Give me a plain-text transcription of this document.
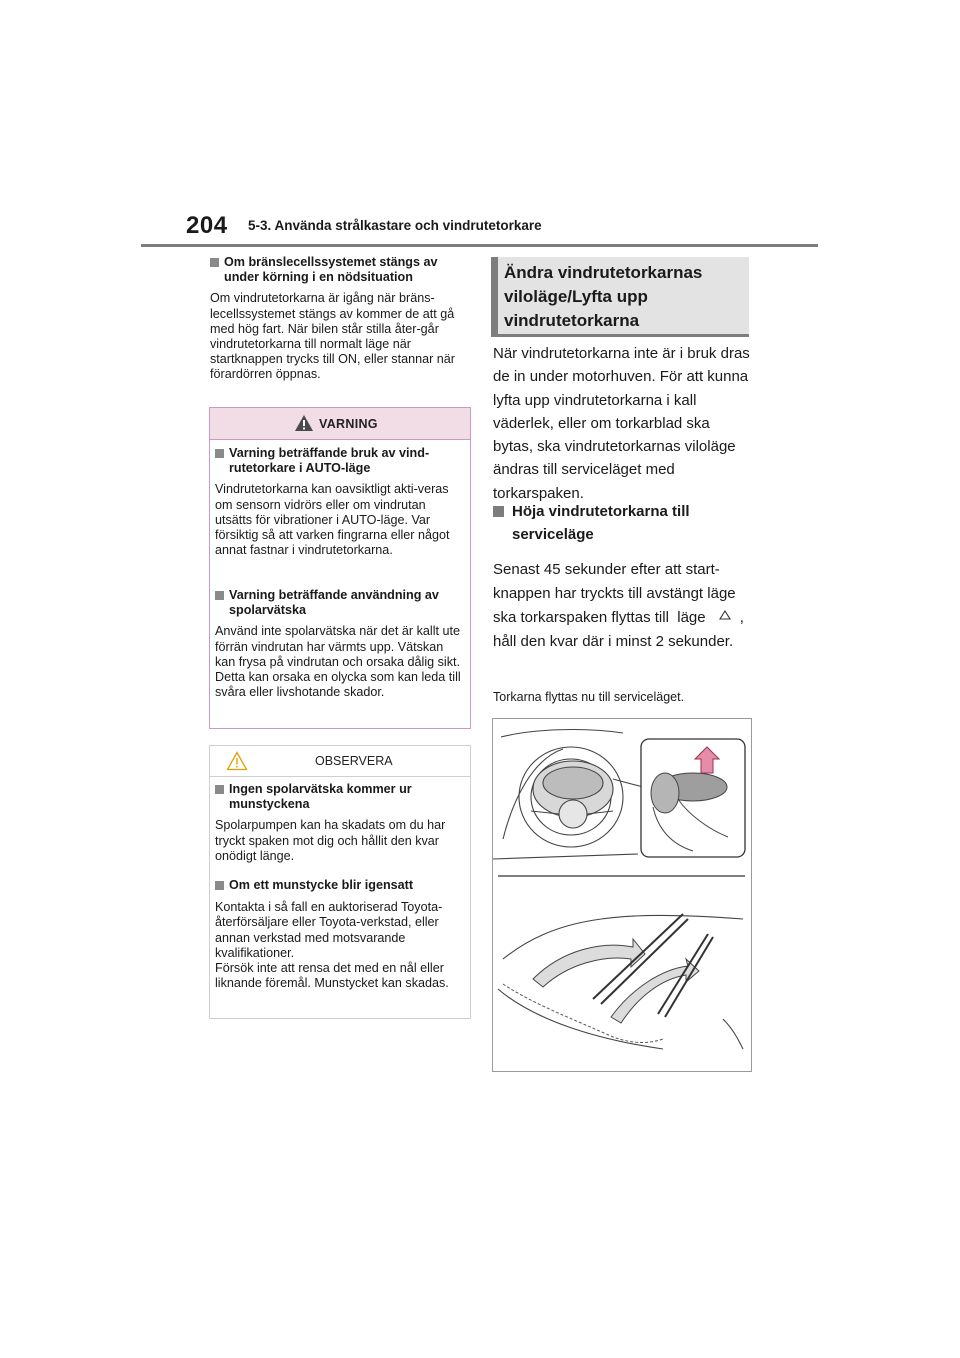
204 5-3. Använda strålkastare och vindrutetorkare
Om bränslecellssystemet stängs av under körning i en nödsituation
Om vindrutetorkarna är igång när bräns-lecellssystemet stängs av kommer de att gå med hög fart. När bilen står stilla åter-går vindrutetorkarna till normalt läge när startknappen trycks till ON, eller stannar när förardörren öppnas.
VARNING
Varning beträffande bruk av vind-rutetorkare i AUTO-läge
Vindrutetorkarna kan oavsiktligt akti-veras om sensorn vidrörs eller om vindrutan utsätts för vibrationer i AUTO-läge. Var försiktig så att varken fingrarna eller något annat fastnar i vindrutetorkarna.
Varning beträffande användning av spolarvätska
Använd inte spolarvätska när det är kallt ute förrän vindrutan har värmts upp. Vätskan kan frysa på vindrutan och orsaka dålig sikt. Detta kan orsaka en olycka som kan leda till svåra eller livshotande skador.
OBSERVERA
Ingen spolarvätska kommer ur munstyckena
Spolarpumpen kan ha skadats om du har tryckt spaken mot dig och hållit den kvar onödigt länge.
Om ett munstycke blir igensatt
Kontakta i så fall en auktoriserad Toyota-återförsäljare eller Toyota-verkstad, eller annan verkstad med motsvarande kvalifikationer.
Försök inte att rensa det med en nål eller liknande föremål. Munstycket kan skadas.
Ändra vindrutetorkarnas viloläge/Lyfta upp vindrutetorkarna
När vindrutetorkarna inte är i bruk dras de in under motorhuven. För att kunna lyfta upp vindrutetorkarna i kall väderlek, eller om torkarblad ska bytas, ska vindrutetorkarnas viloläge ändras till serviceläget med torkarspaken.
Höja vindrutetorkarna till serviceläge
Senast 45 sekunder efter att start-knappen har tryckts till avstängt läge ska torkarspaken flyttas till läge , håll den kvar där i minst 2 sekunder.
Torkarna flyttas nu till serviceläget.
